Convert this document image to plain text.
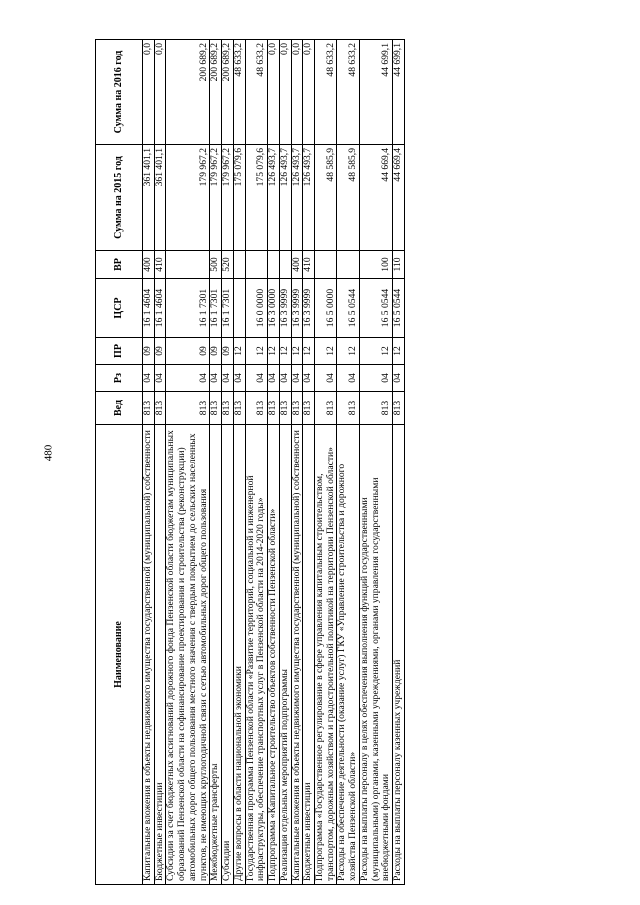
480
Наименование	Вед	Рз	ПР	ЦСР	ВР	Сумма на 2015 год	Сумма на 2016 год
Капитальные вложения в объекты недвижимого имущества государственной (муниципальной) собственности	813	04	09	16 1 4604	400	361 401,1	0,0
Бюджетные инвестиции	813	04	09	16 1 4604	410	361 401,1	0,0
Субсидии за счет бюджетных ассигнований дорожного фонда Пензенской области бюджетам муниципальных образований Пензенской области на софинансирование проектирования и строительства (реконструкции) автомобильных дорог общего пользования местного значения с твердым покрытием до сельских населенных пунктов, не имеющих круглогодичной связи с сетью автомобильных дорог общего пользования	813	04	09	16 1 7301		179 967,2	200 689,2
Межбюджетные трансферты	813	04	09	16 1 7301	500	179 967,2	200 689,2
Субсидии	813	04	09	16 1 7301	520	179 967,2	200 689,2
Другие вопросы в области национальной экономики	813	04	12			175 079,6	48 633,2
Государственная программа Пензенской области «Развитие территорий, социальной и инженерной инфраструктуры, обеспечение транспортных услуг в Пензенской области на 2014-2020 годы»	813	04	12	16 0 0000		175 079,6	48 633,2
Подпрограмма «Капитальное строительство объектов собственности Пензенской области»	813	04	12	16 3 0000		126 493,7	0,0
Реализация отдельных мероприятий подпрограммы	813	04	12	16 3 9999		126 493,7	0,0
Капитальные вложения в объекты недвижимого имущества государственной (муниципальной) собственности	813	04	12	16 3 9999	400	126 493,7	0,0
Бюджетные инвестиции	813	04	12	16 3 9999	410	126 493,7	0,0
Подпрограмма «Государственное регулирование в сфере управления капитальным строительством, транспортом, дорожным хозяйством и градостроительной политикой на территории Пензенской области»	813	04	12	16 5 0000		48 585,9	48 633,2
Расходы на обеспечение деятельности (оказание услуг) ГКУ «Управление строительства и дорожного хозяйства Пензенской области»	813	04	12	16 5 0544		48 585,9	48 633,2
Расходы на выплаты персоналу в целях обеспечения выполнения функций государственными (муниципальными) органами, казенными учреждениями, органами управления государственными внебюджетными фондами	813	04	12	16 5 0544	100	44 669,4	44 699,1
Расходы на выплаты персоналу казенных учреждений	813	04	12	16 5 0544	110	44 669,4	44 699,1
